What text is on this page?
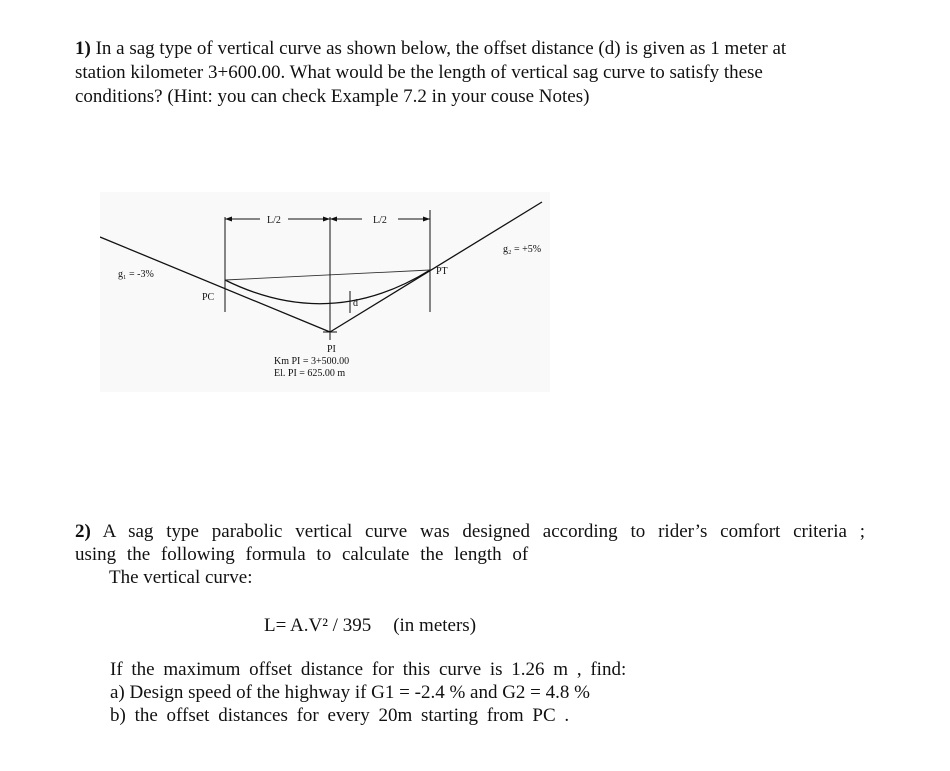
1) In a sag type of vertical curve as shown below, the offset distance (d) is given as 1 meter at
station kilometer 3+600.00. What would be the length of vertical sag curve to satisfy these
conditions? (Hint: you can check Example 7.2 in your couse Notes)
L/2	L/2
g₁ = -3%
g₂ = +5%
PC
PT
d
PI
Km PI = 3+500.00
El. PI = 625.00 m
2) A sag type parabolic vertical curve was designed according to rider’s comfort criteria ;
using the following formula to calculate the length of
The vertical curve:
L= A.V² / 395 (in meters)
If the maximum offset distance for this curve is 1.26 m , find:
a) Design speed of the highway if G1 = -2.4 % and G2 = 4.8 %
b) the offset distances for every 20m starting from PC .
